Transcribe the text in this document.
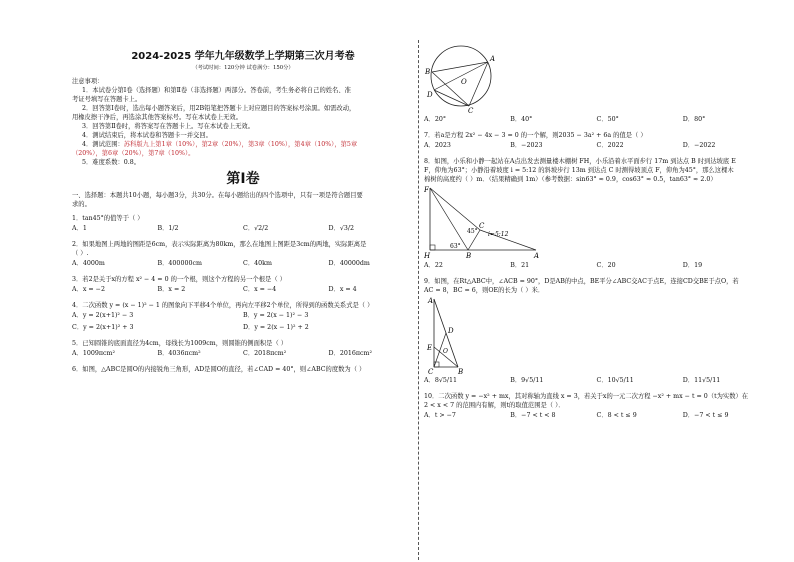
2024-2025 学年九年级数学上学期第三次月考卷
（考试时间：120分钟 试卷满分：150分）
注意事项：
1．本试卷分第Ⅰ卷（选择题）和第Ⅱ卷（非选择题）两部分。答卷前，考生务必将自己的姓名、准
考证号填写在答题卡上。
2．回答第Ⅰ卷时，选出每小题答案后，用2B铅笔把答题卡上对应题目的答案标号涂黑。如需改动，
用橡皮擦干净后，再选涂其他答案标号。写在本试卷上无效。
3．回答第Ⅱ卷时，将答案写在答题卡上。写在本试卷上无效。
4．测试结束后，将本试卷和答题卡一并交回。
4．测试范围：苏科版九上第1章（10%），第2章（20%），第3章（10%），第4章（10%），第5章
（20%），第6章（20%），第7章（10%）。
5．难度系数：0.8。
第Ⅰ卷
一、选择题：本题共10小题，每小题3分，共30分。在每小题给出的四个选项中，只有一项是符合题目要
求的。
1．tan45°的值等于（ ）
A．1	B．1/2	C．√2/2	D．√3/2
2．如果地图上两地的图距是6cm，表示实际距离为80km，那么在地图上图距是3cm的两地，实际距离是
（ ）.
A．4000m	B．400000cm	C．40km	D．40000dm
3．若2是关于x的方程 x² − 4 = 0 的一个根，则这个方程的另一个根是（ ）
A．x = −2	B．x = 2	C．x = −4	D．x = 4
4．二次函数 y = (x − 1)² − 1 的图象向下平移4个单位，再向左平移2个单位，所得到的函数关系式是（ ）
A．y = 2(x+1)² − 3	B．y = 2(x − 1)² − 3
C．y = 2(x+1)² + 3	D．y = 2(x − 1)² + 2
5．已知圆锥的底面直径为4cm，母线长为1009cm，则圆锥的侧面积是（ ）
A．1009πcm²	B．4036πcm²	C．2018πcm²	D．2016πcm²
6．如图，△ABC是圆O的内接锐角三角形，AD是圆O的直径，若∠CAD = 40°，则∠ABC的度数为（ ）
A
B
C
D
O
A．20°	B．40°	C．50°	D．80°
7．若a是方程 2x² − 4x − 3 = 0 的一个解，则2035 − 3a² + 6a 的值是（ ）
A．2023	B．−2023	C．2022	D．−2022
8．如图，小乐和小静一起站在A点出发去测量楼木棚树 FH，小乐沿着水平面步行 17m 到达点 B 时到达坡底 E
F，仰角为63°；小静沿着坡度 i = 5:12 的斜坡步行 13m 到达点 C 时测得坡顶点 F，仰角为45°，那么这棵木
棉树的高度约（ ）m．（结果精确到 1m）（参考数据：sin63° ≈ 0.9，cos63° ≈ 0.5，tan63° ≈ 2.0）
F
H	B	A
C
45°
63°
i=5:12
A．22	B．21	C．20	D．19
9．如图，在Rt△ABC中，∠ACB = 90°，D是AB的中点，BE平分∠ABC交AC于点E，连接CD交BE于点O，若
AC = 8，BC = 6，则OE的长为（ ）米．
A
C	B
D
E O
A．8√5/11	B．9√5/11	C．10√5/11	D．11√5/11
10．二次函数 y = −x² + mx，其对称轴为直线 x = 3，若关于x的一元二次方程 −x² + mx − t = 0（t为实数）在
2 < x < 7 的范围内有解，则t的取值范围是（ ）．
A．t > −7	B．−7 < t < 8	C．8 < t ≤ 9	D．−7 < t ≤ 9
